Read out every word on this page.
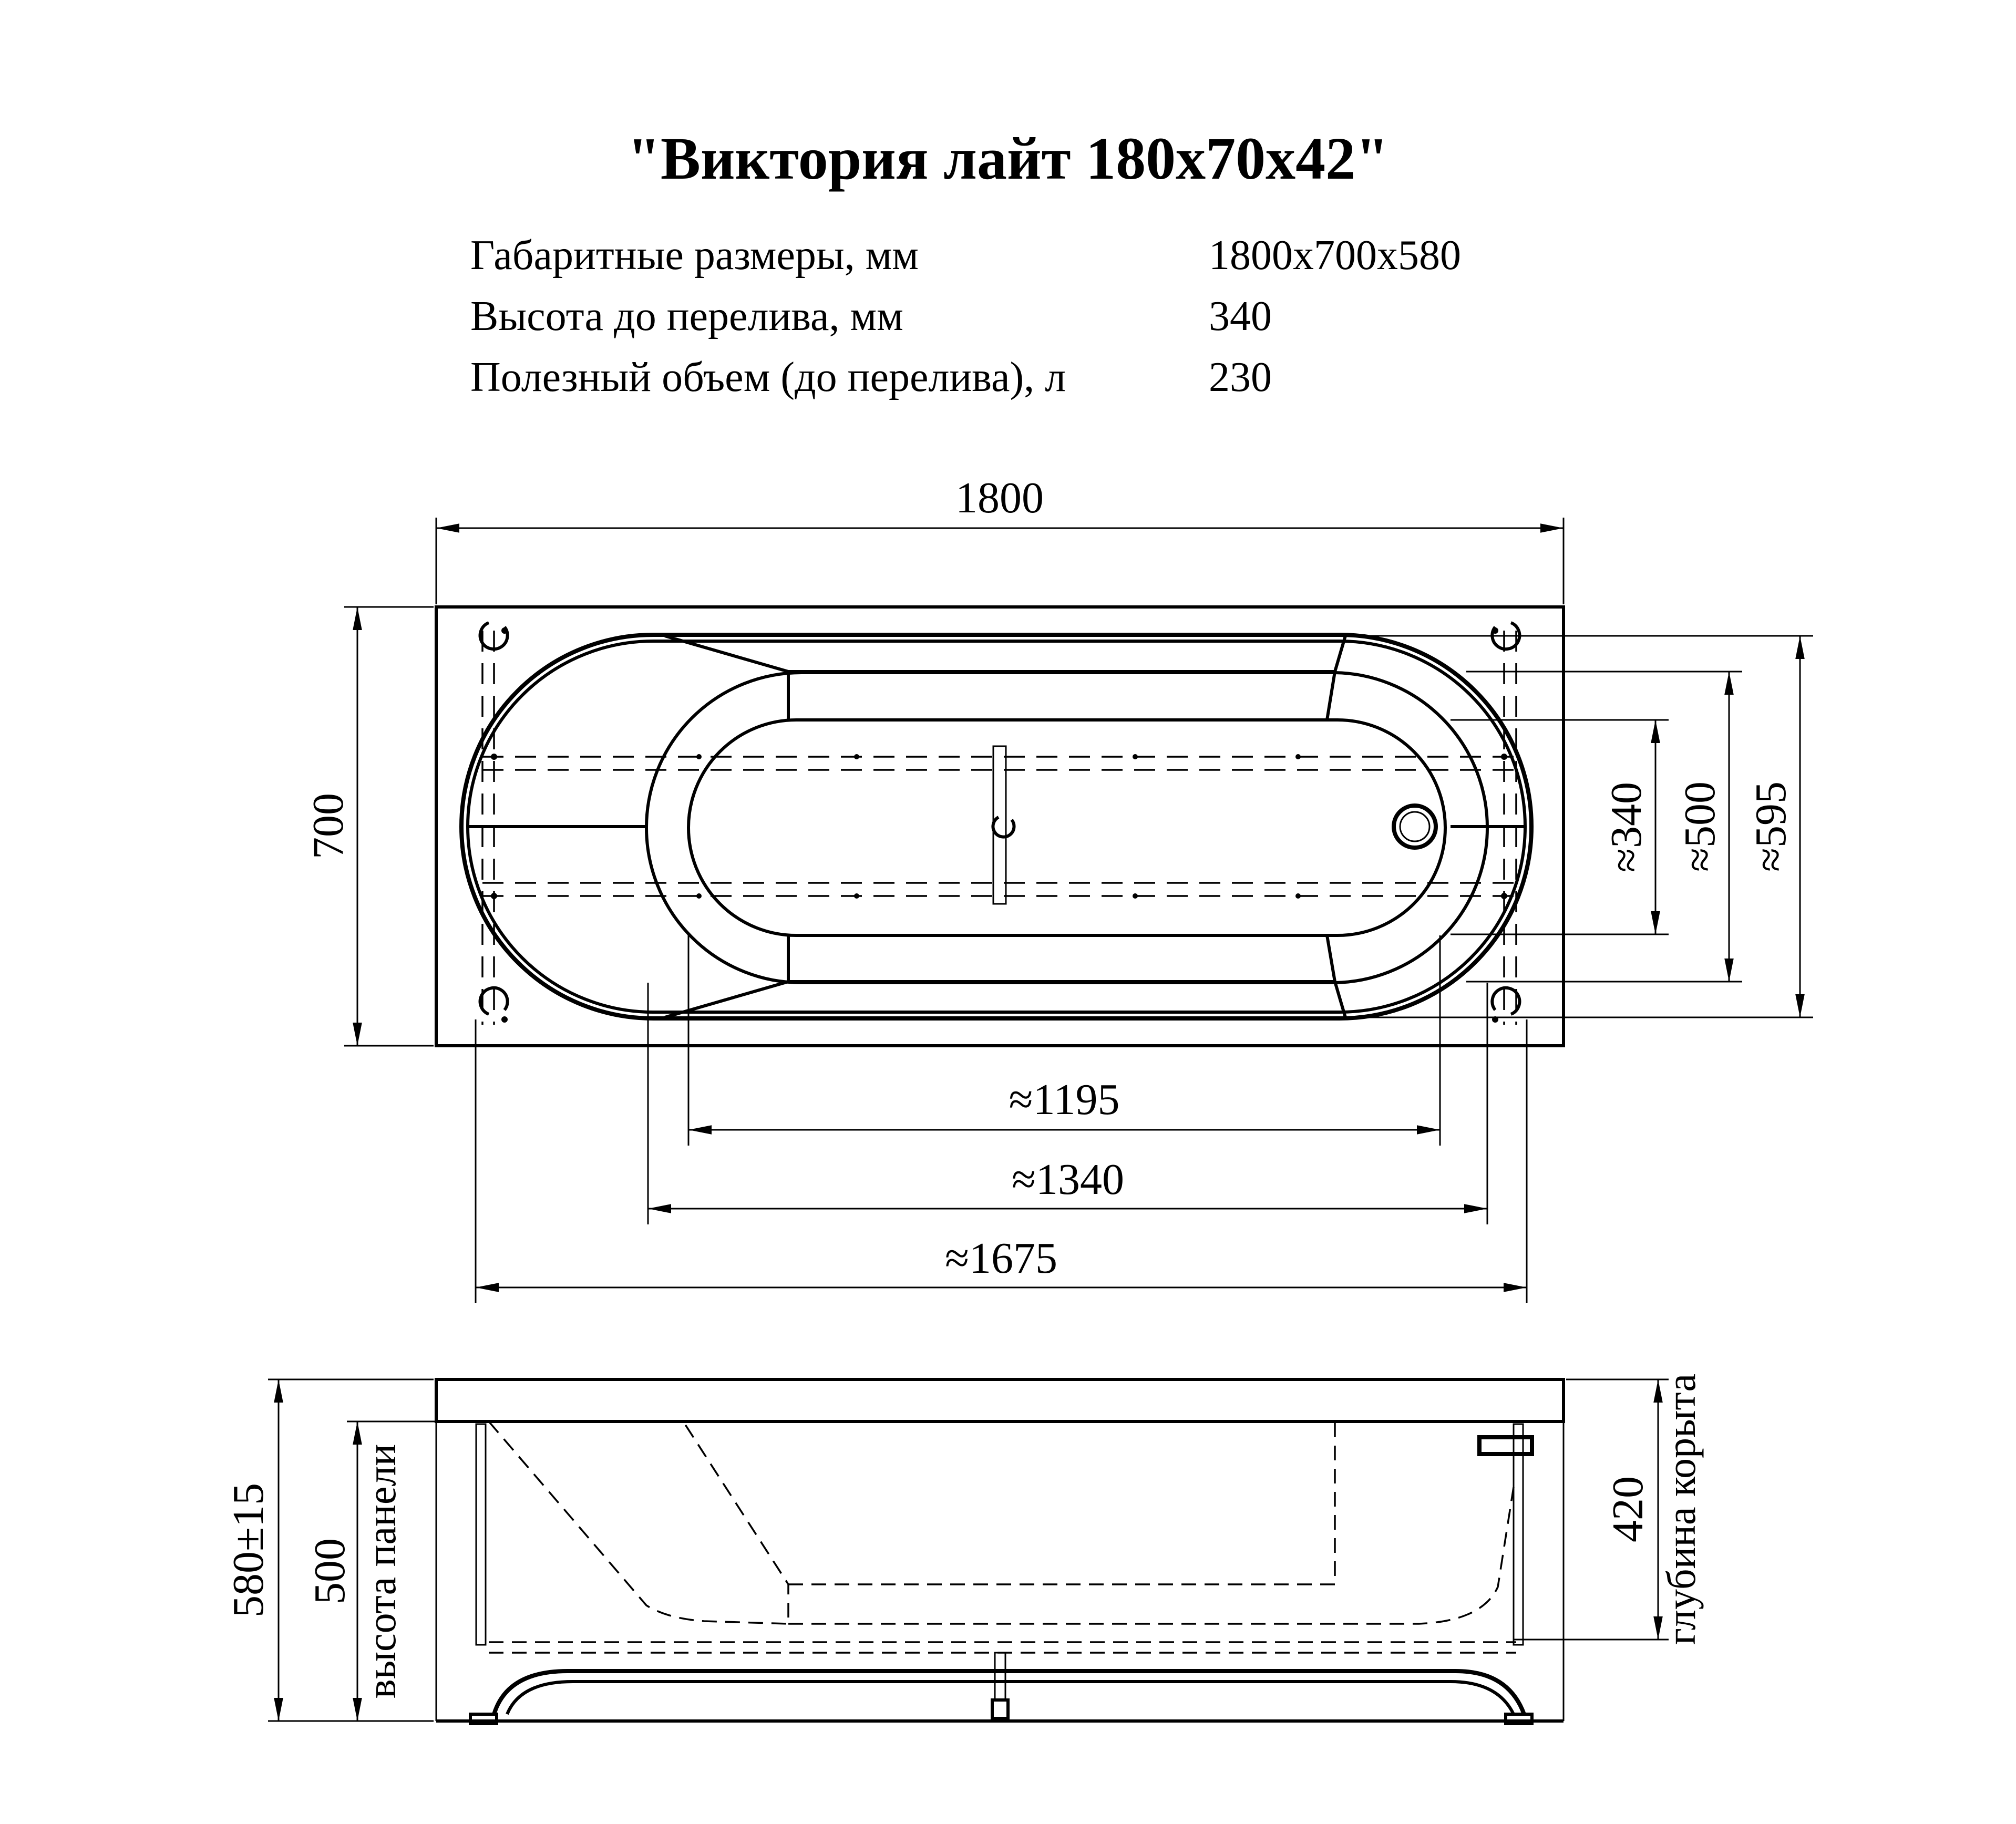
"Виктория лайт 180x70x42"
Габаритные размеры, мм	1800x700x580
Высота до перелива, мм	340
Полезный объем (до перелива), л	230
1800
700
≈1195
≈1340
≈1675
≈340 ≈500 ≈595
580±15 500 высота панели	420 глубина корыта
